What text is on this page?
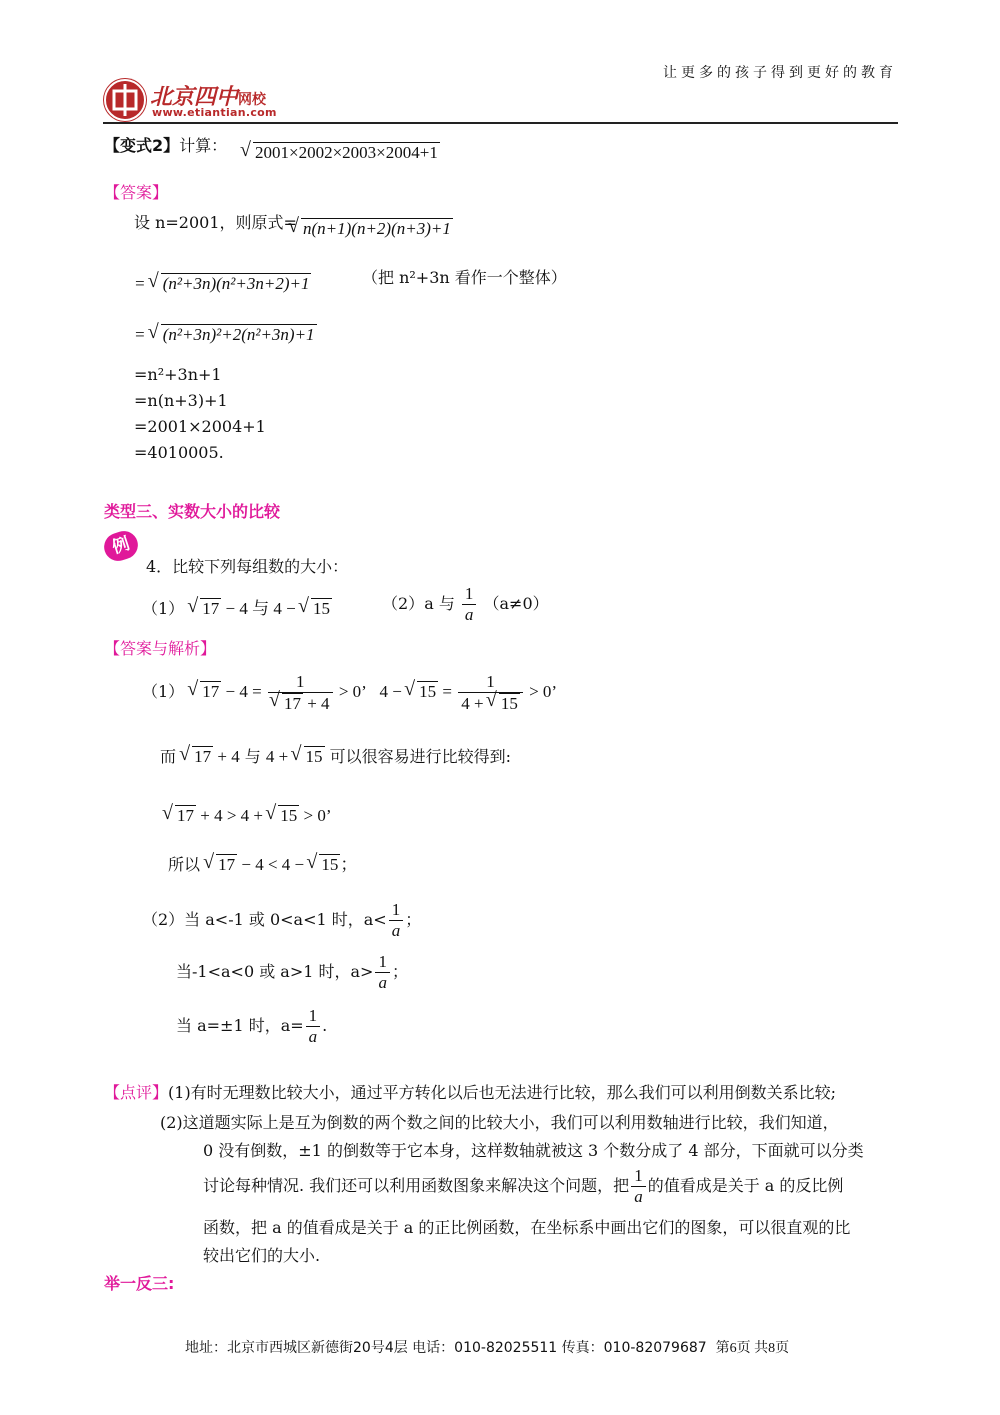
让更多的孩子得到更好的教育
北京四中网校
www.etiantian.com
【变式2】计算：	√ 2001×2002×2003×2004+1
【答案】
设 n=2001，则原式= √ n(n+1)(n+2)(n+3)+1
= √ (n²+3n)(n²+3n+2)+1	（把 n²+3n 看作一个整体）
= √ (n²+3n)²+2(n²+3n)+1
=n²+3n+1
=n(n+3)+1
=2001×2004+1
=4010005.
类型三、实数大小的比较
例
4．比较下列每组数的大小：
（1） √ 17 − 4 与 4 − √ 15	（2）a 与 $\frac{1}{a} (a\ne 0)$
【答案与解析】
（1） √ 17 − 4 = 1
√ 17 + 4 > 0’   4 − √ $15 = \frac{1}{4 + √ 15} > 0$’
而 √ 17 + 4 与 4 + √ 15 可以很容易进行比较得到:
√ 17 + 4 > 4 + √ 15 > 0’
所以 √ 17 − 4 < 4 − √ 15 ；
（2）当 a<-1 或 0<a<1 时，$a< \frac{1}{a}$ ；
当-1<a<0 或 a>1 时，$a> \frac{1}{a}$ ；
当 a=±1 时，$a= \frac{1}{a}$ .
【点评】(1)有时无理数比较大小，通过平方转化以后也无法进行比较，那么我们可以利用倒数关系比较;
(2)这道题实际上是互为倒数的两个数之间的比较大小，我们可以利用数轴进行比较，我们知道，
0 没有倒数，±1 的倒数等于它本身，这样数轴就被这 3 个数分成了 4 部分，下面就可以分类
讨论每种情况. 我们还可以利用函数图象来解决这个问题，把 $\frac{1}{a}$ 的值看成是关于 a 的反比例
函数，把 a 的值看成是关于 a 的正比例函数，在坐标系中画出它们的图象，可以很直观的比
较出它们的大小.
举一反三:
地址：北京市西城区新德街20号4层 电话：010-82025511 传真：010-82079687 第6页 共8页
